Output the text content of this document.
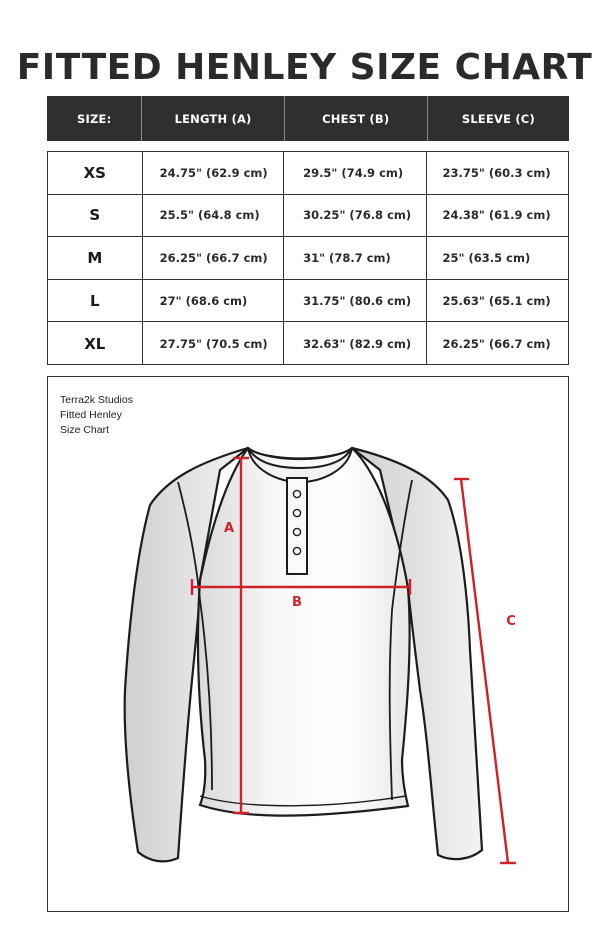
FITTED HENLEY SIZE CHART
SIZE:	LENGTH (A)	CHEST (B)	SLEEVE (C)
XS	24.75" (62.9 cm)	29.5" (74.9 cm)	23.75" (60.3 cm)
S	25.5" (64.8 cm)	30.25" (76.8 cm)	24.38" (61.9 cm)
M	26.25" (66.7 cm)	31" (78.7 cm)	25" (63.5 cm)
L	27" (68.6 cm)	31.75" (80.6 cm)	25.63" (65.1 cm)
XL	27.75" (70.5 cm)	32.63" (82.9 cm)	26.25" (66.7 cm)
Terra2k Studios
Fitted Henley
Size Chart
A
B
C
